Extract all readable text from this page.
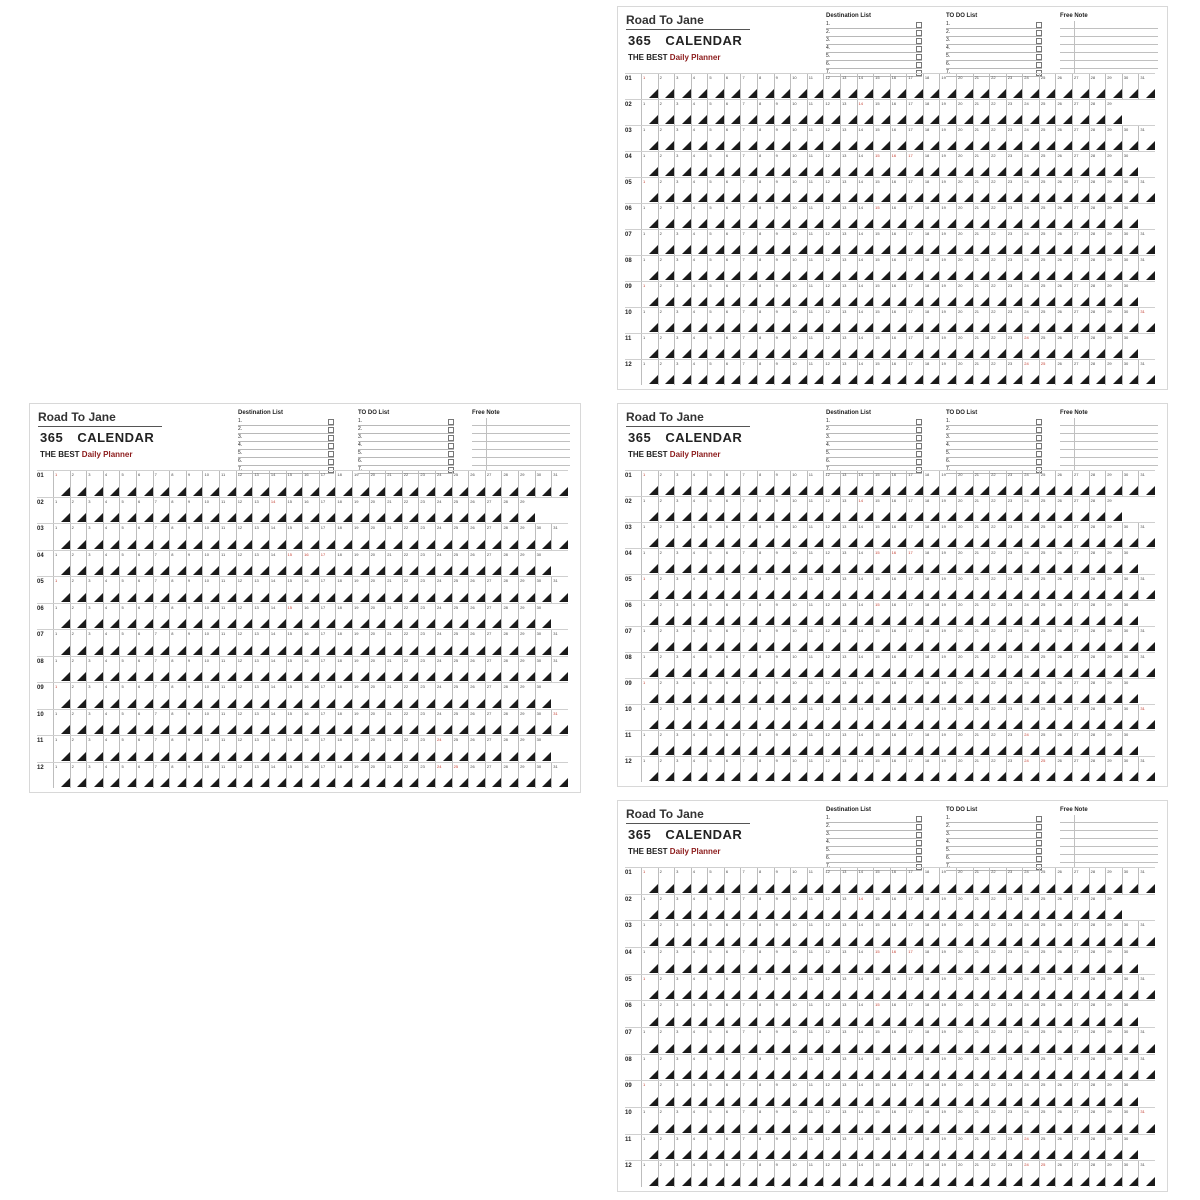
Road To Jane
365 CALENDAR
THE BEST Daily Planner
Destination List
1.
2.
3.
4.
5.
6.
7.
TO DO List
1.
2.
3.
4.
5.
6.
7.
Free Note
01	1	2	3	4	5	6	7	8	9	10	11	12	13	14	15	16	17	18	19	20	21	22	23	24	25	26	27	28	29	30	31
02	1	2	3	4	5	6	7	8	9	10	11	12	13	14	15	16	17	18	19	20	21	22	23	24	25	26	27	28	29
03	1	2	3	4	5	6	7	8	9	10	11	12	13	14	15	16	17	18	19	20	21	22	23	24	25	26	27	28	29	30	31
04	1	2	3	4	5	6	7	8	9	10	11	12	13	14	15	16	17	18	19	20	21	22	23	24	25	26	27	28	29	30
05	1	2	3	4	5	6	7	8	9	10	11	12	13	14	15	16	17	18	19	20	21	22	23	24	25	26	27	28	29	30	31
06	1	2	3	4	5	6	7	8	9	10	11	12	13	14	15	16	17	18	19	20	21	22	23	24	25	26	27	28	29	30
07	1	2	3	4	5	6	7	8	9	10	11	12	13	14	15	16	17	18	19	20	21	22	23	24	25	26	27	28	29	30	31
08	1	2	3	4	5	6	7	8	9	10	11	12	13	14	15	16	17	18	19	20	21	22	23	24	25	26	27	28	29	30	31
09	1	2	3	4	5	6	7	8	9	10	11	12	13	14	15	16	17	18	19	20	21	22	23	24	25	26	27	28	29	30
10	1	2	3	4	5	6	7	8	9	10	11	12	13	14	15	16	17	18	19	20	21	22	23	24	25	26	27	28	29	30	31
11	1	2	3	4	5	6	7	8	9	10	11	12	13	14	15	16	17	18	19	20	21	22	23	24	25	26	27	28	29	30
12	1	2	3	4	5	6	7	8	9	10	11	12	13	14	15	16	17	18	19	20	21	22	23	24	25	26	27	28	29	30	31
Road To Jane
365 CALENDAR
THE BEST Daily Planner
Destination List
1.
2.
3.
4.
5.
6.
7.
TO DO List
1.
2.
3.
4.
5.
6.
7.
Free Note
01	1	2	3	4	5	6	7	8	9	10	11	12	13	14	15	16	17	18	19	20	21	22	23	24	25	26	27	28	29	30	31
02	1	2	3	4	5	6	7	8	9	10	11	12	13	14	15	16	17	18	19	20	21	22	23	24	25	26	27	28	29
03	1	2	3	4	5	6	7	8	9	10	11	12	13	14	15	16	17	18	19	20	21	22	23	24	25	26	27	28	29	30	31
04	1	2	3	4	5	6	7	8	9	10	11	12	13	14	15	16	17	18	19	20	21	22	23	24	25	26	27	28	29	30
05	1	2	3	4	5	6	7	8	9	10	11	12	13	14	15	16	17	18	19	20	21	22	23	24	25	26	27	28	29	30	31
06	1	2	3	4	5	6	7	8	9	10	11	12	13	14	15	16	17	18	19	20	21	22	23	24	25	26	27	28	29	30
07	1	2	3	4	5	6	7	8	9	10	11	12	13	14	15	16	17	18	19	20	21	22	23	24	25	26	27	28	29	30	31
08	1	2	3	4	5	6	7	8	9	10	11	12	13	14	15	16	17	18	19	20	21	22	23	24	25	26	27	28	29	30	31
09	1	2	3	4	5	6	7	8	9	10	11	12	13	14	15	16	17	18	19	20	21	22	23	24	25	26	27	28	29	30
10	1	2	3	4	5	6	7	8	9	10	11	12	13	14	15	16	17	18	19	20	21	22	23	24	25	26	27	28	29	30	31
11	1	2	3	4	5	6	7	8	9	10	11	12	13	14	15	16	17	18	19	20	21	22	23	24	25	26	27	28	29	30
12	1	2	3	4	5	6	7	8	9	10	11	12	13	14	15	16	17	18	19	20	21	22	23	24	25	26	27	28	29	30	31
Road To Jane
365 CALENDAR
THE BEST Daily Planner
Destination List
1.
2.
3.
4.
5.
6.
7.
TO DO List
1.
2.
3.
4.
5.
6.
7.
Free Note
01	1	2	3	4	5	6	7	8	9	10	11	12	13	14	15	16	17	18	19	20	21	22	23	24	25	26	27	28	29	30	31
02	1	2	3	4	5	6	7	8	9	10	11	12	13	14	15	16	17	18	19	20	21	22	23	24	25	26	27	28	29
03	1	2	3	4	5	6	7	8	9	10	11	12	13	14	15	16	17	18	19	20	21	22	23	24	25	26	27	28	29	30	31
04	1	2	3	4	5	6	7	8	9	10	11	12	13	14	15	16	17	18	19	20	21	22	23	24	25	26	27	28	29	30
05	1	2	3	4	5	6	7	8	9	10	11	12	13	14	15	16	17	18	19	20	21	22	23	24	25	26	27	28	29	30	31
06	1	2	3	4	5	6	7	8	9	10	11	12	13	14	15	16	17	18	19	20	21	22	23	24	25	26	27	28	29	30
07	1	2	3	4	5	6	7	8	9	10	11	12	13	14	15	16	17	18	19	20	21	22	23	24	25	26	27	28	29	30	31
08	1	2	3	4	5	6	7	8	9	10	11	12	13	14	15	16	17	18	19	20	21	22	23	24	25	26	27	28	29	30	31
09	1	2	3	4	5	6	7	8	9	10	11	12	13	14	15	16	17	18	19	20	21	22	23	24	25	26	27	28	29	30
10	1	2	3	4	5	6	7	8	9	10	11	12	13	14	15	16	17	18	19	20	21	22	23	24	25	26	27	28	29	30	31
11	1	2	3	4	5	6	7	8	9	10	11	12	13	14	15	16	17	18	19	20	21	22	23	24	25	26	27	28	29	30
12	1	2	3	4	5	6	7	8	9	10	11	12	13	14	15	16	17	18	19	20	21	22	23	24	25	26	27	28	29	30	31
Road To Jane
365 CALENDAR
THE BEST Daily Planner
Destination List
1.
2.
3.
4.
5.
6.
7.
TO DO List
1.
2.
3.
4.
5.
6.
7.
Free Note
01	1	2	3	4	5	6	7	8	9	10	11	12	13	14	15	16	17	18	19	20	21	22	23	24	25	26	27	28	29	30	31
02	1	2	3	4	5	6	7	8	9	10	11	12	13	14	15	16	17	18	19	20	21	22	23	24	25	26	27	28	29
03	1	2	3	4	5	6	7	8	9	10	11	12	13	14	15	16	17	18	19	20	21	22	23	24	25	26	27	28	29	30	31
04	1	2	3	4	5	6	7	8	9	10	11	12	13	14	15	16	17	18	19	20	21	22	23	24	25	26	27	28	29	30
05	1	2	3	4	5	6	7	8	9	10	11	12	13	14	15	16	17	18	19	20	21	22	23	24	25	26	27	28	29	30	31
06	1	2	3	4	5	6	7	8	9	10	11	12	13	14	15	16	17	18	19	20	21	22	23	24	25	26	27	28	29	30
07	1	2	3	4	5	6	7	8	9	10	11	12	13	14	15	16	17	18	19	20	21	22	23	24	25	26	27	28	29	30	31
08	1	2	3	4	5	6	7	8	9	10	11	12	13	14	15	16	17	18	19	20	21	22	23	24	25	26	27	28	29	30	31
09	1	2	3	4	5	6	7	8	9	10	11	12	13	14	15	16	17	18	19	20	21	22	23	24	25	26	27	28	29	30
10	1	2	3	4	5	6	7	8	9	10	11	12	13	14	15	16	17	18	19	20	21	22	23	24	25	26	27	28	29	30	31
11	1	2	3	4	5	6	7	8	9	10	11	12	13	14	15	16	17	18	19	20	21	22	23	24	25	26	27	28	29	30
12	1	2	3	4	5	6	7	8	9	10	11	12	13	14	15	16	17	18	19	20	21	22	23	24	25	26	27	28	29	30	31
